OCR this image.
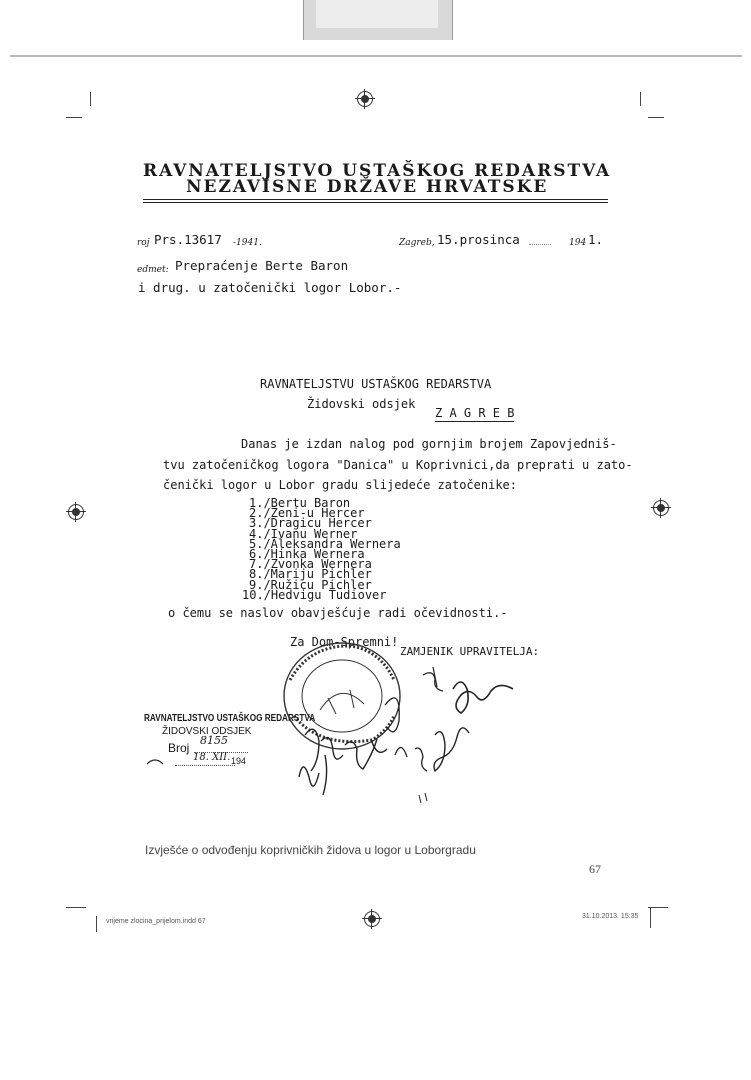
RAVNATELJSTVO USTAŠKOG REDARSTVA
NEZAVISNE DRŽAVE HRVATSKE
roj Prs.13617 -1941.	Zagreb, 15.prosinca	194 1.
edmet: Prepraćenje Berte Baron
i drug. u zatočenički logor Lobor.-
RAVNATELJSTVU USTAŠKOG REDARSTVA
Židovski odsjek
Z A G R E B
Danas je izdan nalog pod gornjim brojem Zapovjedniš-
tvu zatočeničkog logora "Danica" u Koprivnici,da preprati u zato-
čenički logor u Lobor gradu slijedeće zatočenike:
1./Bertu Baron
2./Ženi-u Hercer
3./Dragicu Hercer
4./Ivanu Werner
5./Aleksandra Wernera
6./Hinka Wernera
7./Zvonka Wernera
8./Mariju Pichler
9./Ružicu Pichler
10./Hedvigu Tudiover
o čemu se naslov obavješćuje radi očevidnosti.-
Za Dom-Spremni!
ZAMJENIK UPRAVITELJA:
RAVNATELJSTVO USTAŠKOG REDARSTVA
ŽIDOVSKI ODSJEK
Broj
8155
18. XII. 194
Izvješće o odvođenju koprivničkih židova u logor u Loborgradu
67
vrijeme zlocina_prijelom.indd 67
31.10.2013. 15:35
